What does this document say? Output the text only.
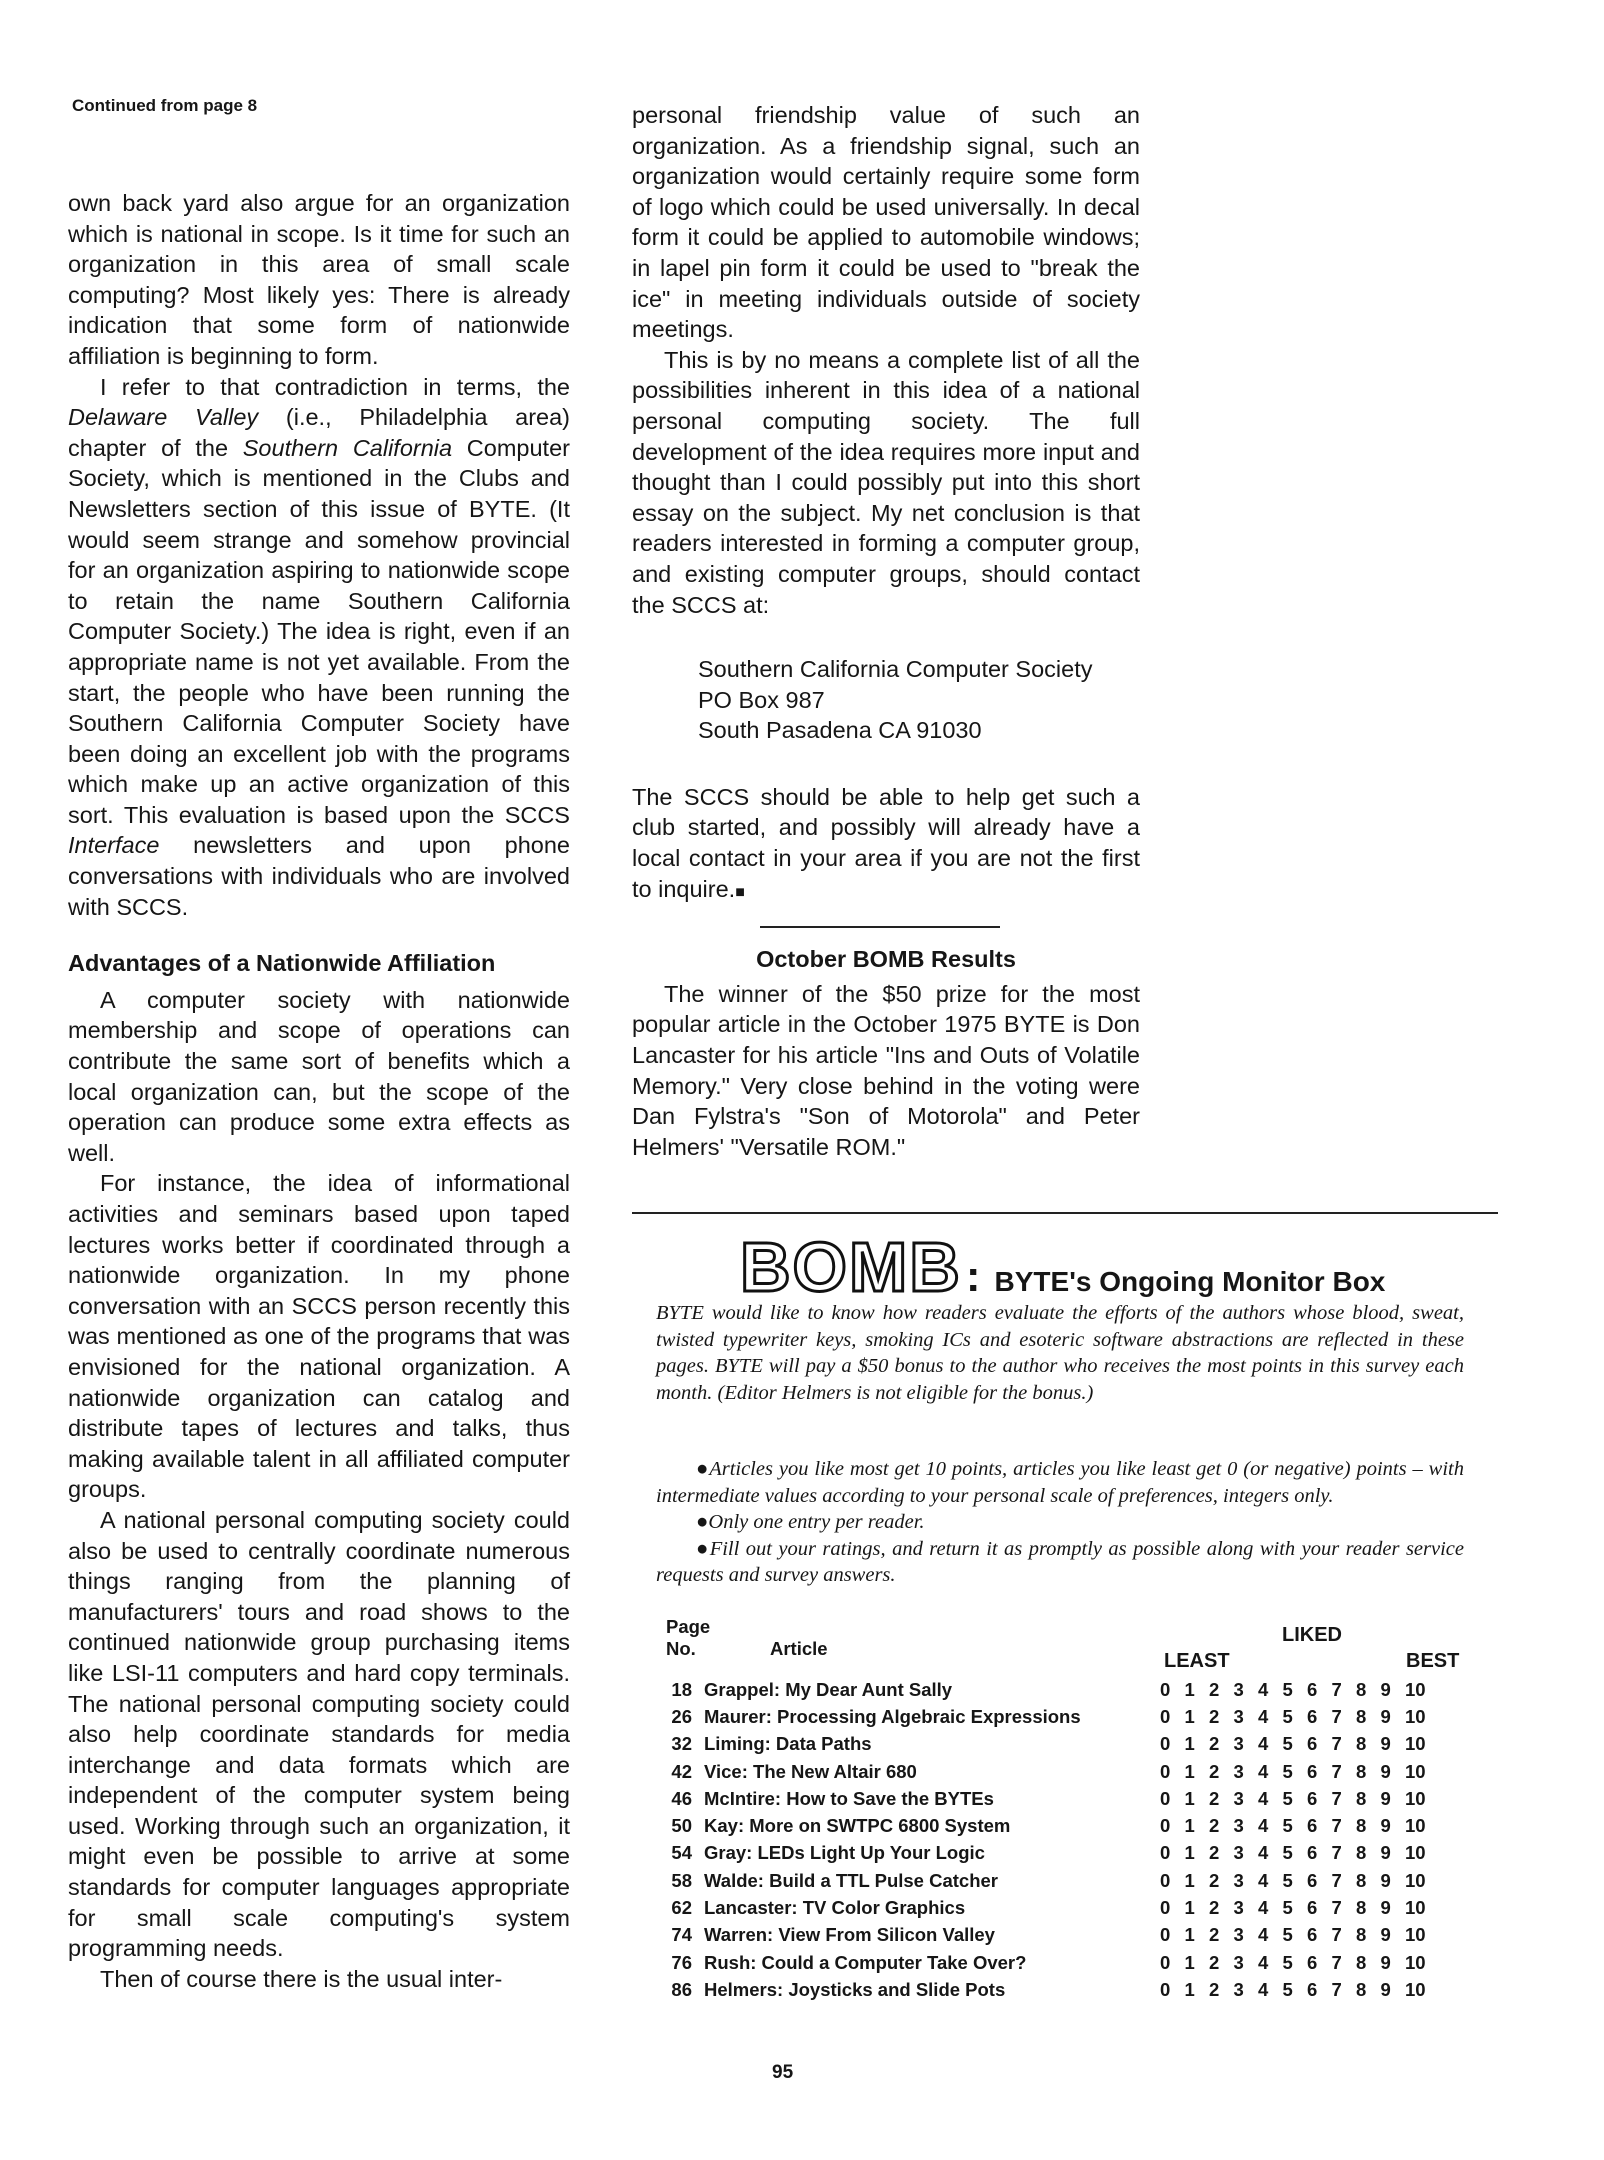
Continued from page 8

own back yard also argue for an organization which is national in scope. Is it time for such an organization in this area of small scale computing? Most likely yes: There is already indication that some form of nationwide affiliation is beginning to form.

I refer to that contradiction in terms, the Delaware Valley (i.e., Philadelphia area) chapter of the Southern California Computer Society, which is mentioned in the Clubs and Newsletters section of this issue of BYTE. (It would seem strange and somehow provincial for an organization aspiring to nationwide scope to retain the name Southern California Computer Society.) The idea is right, even if an appropriate name is not yet available. From the start, the people who have been running the Southern California Computer Society have been doing an excellent job with the programs which make up an active organization of this sort. This evaluation is based upon the SCCS Interface newsletters and upon phone conversations with individuals who are involved with SCCS.

Advantages of a Nationwide Affiliation

A computer society with nationwide membership and scope of operations can contribute the same sort of benefits which a local organization can, but the scope of the operation can produce some extra effects as well.

For instance, the idea of informational activities and seminars based upon taped lectures works better if coordinated through a nationwide organization. In my phone conversation with an SCCS person recently this was mentioned as one of the programs that was envisioned for the national organization. A nationwide organization can catalog and distribute tapes of lectures and talks, thus making available talent in all affiliated computer groups.

A national personal computing society could also be used to centrally coordinate numerous things ranging from the planning of manufacturers' tours and road shows to the continued nationwide group purchasing items like LSI-11 computers and hard copy terminals. The national personal computing society could also help coordinate standards for media interchange and data formats which are independent of the computer system being used. Working through such an organization, it might even be possible to arrive at some standards for computer languages appropriate for small scale computing's system programming needs.

Then of course there is the usual inter-

personal friendship value of such an organization. As a friendship signal, such an organization would certainly require some form of logo which could be used universally. In decal form it could be applied to automobile windows; in lapel pin form it could be used to "break the ice" in meeting individuals outside of society meetings.

This is by no means a complete list of all the possibilities inherent in this idea of a national personal computing society. The full development of the idea requires more input and thought than I could possibly put into this short essay on the subject. My net conclusion is that readers interested in forming a computer group, and existing computer groups, should contact the SCCS at:

Southern California Computer Society
PO Box 987
South Pasadena CA 91030

The SCCS should be able to help get such a club started, and possibly will already have a local contact in your area if you are not the first to inquire.■

October BOMB Results

The winner of the $50 prize for the most popular article in the October 1975 BYTE is Don Lancaster for his article "Ins and Outs of Volatile Memory." Very close behind in the voting were Dan Fylstra's "Son of Motorola" and Peter Helmers' "Versatile ROM."

BOMB : BYTE's Ongoing Monitor Box
BYTE would like to know how readers evaluate the efforts of the authors whose blood, sweat, twisted typewriter keys, smoking ICs and esoteric software abstractions are reflected in these pages. BYTE will pay a $50 bonus to the author who receives the most points in this survey each month. (Editor Helmers is not eligible for the bonus.)

●Articles you like most get 10 points, articles you like least get 0 (or negative) points – with intermediate values according to your personal scale of preferences, integers only.

●Only one entry per reader.

●Fill out your ratings, and return it as promptly as possible along with your reader service requests and survey answers.

Page
No.	Article
LIKED
LEAST	BEST
18 Grappel: My Dear Aunt Sally	0 1 2 3 4 5 6 7 8 9 10
26 Maurer: Processing Algebraic Expressions	0 1 2 3 4 5 6 7 8 9 10
32 Liming: Data Paths	0 1 2 3 4 5 6 7 8 9 10
42 Vice: The New Altair 680	0 1 2 3 4 5 6 7 8 9 10
46 McIntire: How to Save the BYTEs	0 1 2 3 4 5 6 7 8 9 10
50 Kay: More on SWTPC 6800 System	0 1 2 3 4 5 6 7 8 9 10
54 Gray: LEDs Light Up Your Logic	0 1 2 3 4 5 6 7 8 9 10
58 Walde: Build a TTL Pulse Catcher	0 1 2 3 4 5 6 7 8 9 10
62 Lancaster: TV Color Graphics	0 1 2 3 4 5 6 7 8 9 10
74 Warren: View From Silicon Valley	0 1 2 3 4 5 6 7 8 9 10
76 Rush: Could a Computer Take Over?	0 1 2 3 4 5 6 7 8 9 10
86 Helmers: Joysticks and Slide Pots	0 1 2 3 4 5 6 7 8 9 10
95
